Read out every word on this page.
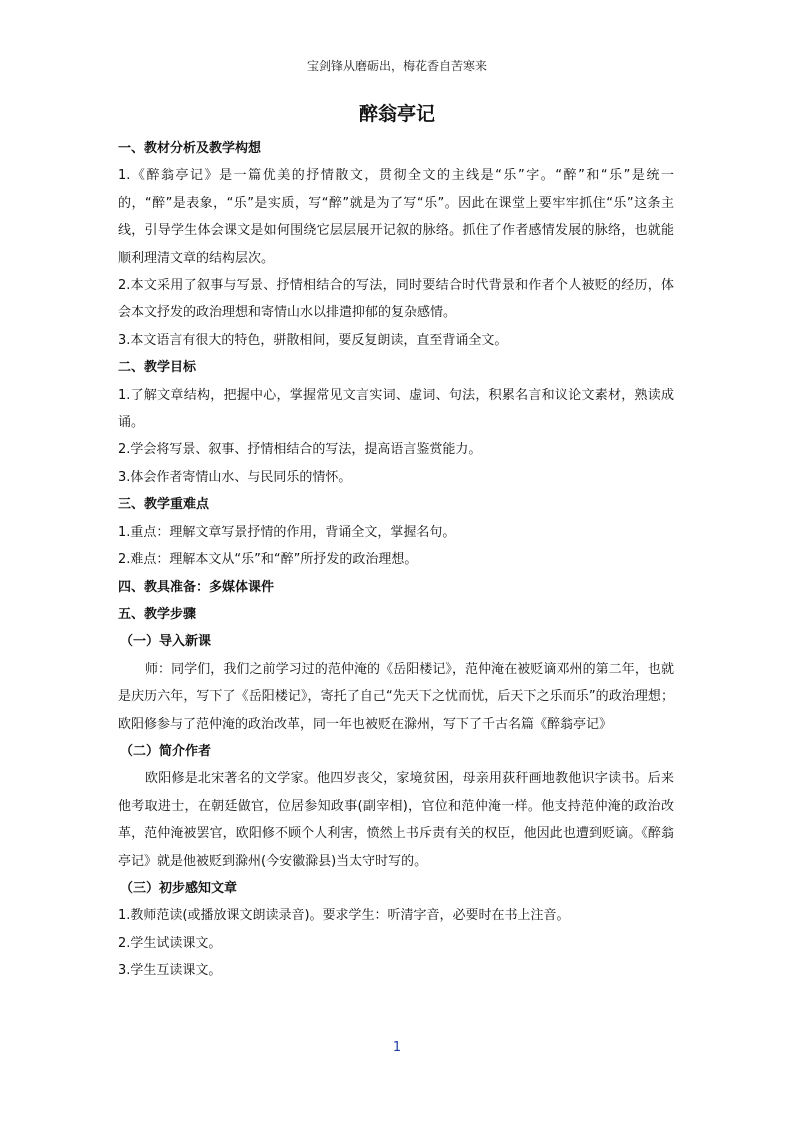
宝剑锋从磨砺出，梅花香自苦寒来
醉翁亭记

一、教材分析及教学构想

1.《醉翁亭记》是一篇优美的抒情散文，贯彻全文的主线是“乐”字。“醉”和“乐”是统一的，“醉”是表象，“乐”是实质，写“醉”就是为了写“乐”。因此在课堂上要牢牢抓住“乐”这条主线，引导学生体会课文是如何围绕它层层展开记叙的脉络。抓住了作者感情发展的脉络，也就能顺利理清文章的结构层次。

2.本文采用了叙事与写景、抒情相结合的写法，同时要结合时代背景和作者个人被贬的经历，体会本文抒发的政治理想和寄情山水以排遣抑郁的复杂感情。

3.本文语言有很大的特色，骈散相间，要反复朗读，直至背诵全文。

二、教学目标

1.了解文章结构，把握中心，掌握常见文言实词、虚词、句法，积累名言和议论文素材，熟读成诵。

2.学会将写景、叙事、抒情相结合的写法，提高语言鉴赏能力。

3.体会作者寄情山水、与民同乐的情怀。

三、教学重难点

1.重点：理解文章写景抒情的作用，背诵全文，掌握名句。

2.难点：理解本文从“乐”和“醉”所抒发的政治理想。

四、教具准备：多媒体课件

五、教学步骤

（一）导入新课

师：同学们，我们之前学习过的范仲淹的《岳阳楼记》，范仲淹在被贬谪邓州的第二年，也就是庆历六年，写下了《岳阳楼记》，寄托了自己“先天下之忧而忧，后天下之乐而乐”的政治理想；欧阳修参与了范仲淹的政治改革，同一年也被贬在滁州，写下了千古名篇《醉翁亭记》

（二）简介作者

欧阳修是北宋著名的文学家。他四岁丧父，家境贫困，母亲用荻秆画地教他识字读书。后来他考取进士，在朝廷做官，位居参知政事(副宰相)，官位和范仲淹一样。他支持范仲淹的政治改革，范仲淹被罢官，欧阳修不顾个人利害，愤然上书斥责有关的权臣，他因此也遭到贬谪。《醉翁亭记》就是他被贬到滁州(今安徽滁县)当太守时写的。

（三）初步感知文章

1.教师范读(或播放课文朗读录音)。要求学生：听清字音，必要时在书上注音。

2.学生试读课文。

3.学生互读课文。

1
